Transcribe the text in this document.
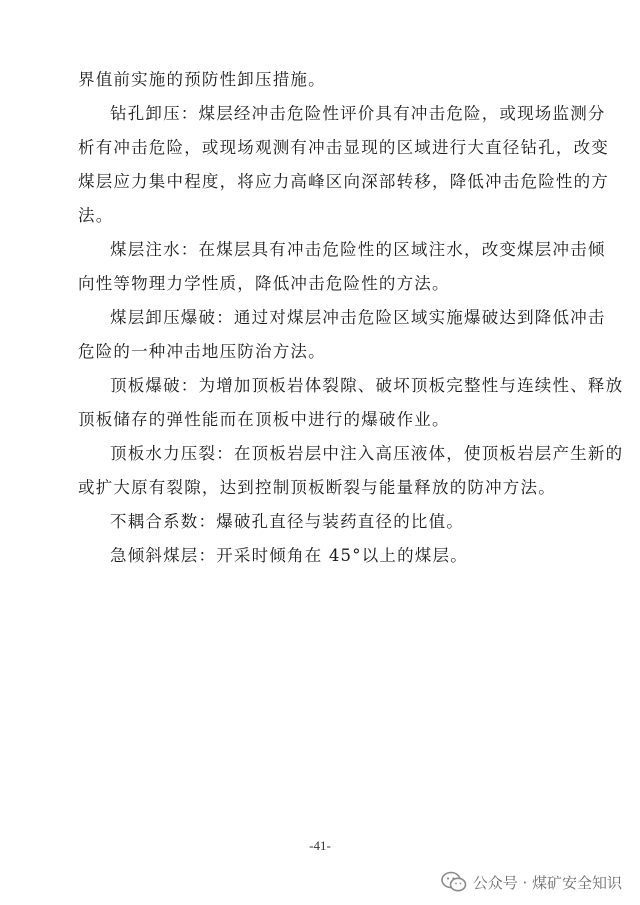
界值前实施的预防性卸压措施。
钻孔卸压：煤层经冲击危险性评价具有冲击危险，或现场监测分
析有冲击危险，或现场观测有冲击显现的区域进行大直径钻孔，改变
煤层应力集中程度，将应力高峰区向深部转移，降低冲击危险性的方
法。
煤层注水：在煤层具有冲击危险性的区域注水，改变煤层冲击倾
向性等物理力学性质，降低冲击危险性的方法。
煤层卸压爆破：通过对煤层冲击危险区域实施爆破达到降低冲击
危险的一种冲击地压防治方法。
顶板爆破：为增加顶板岩体裂隙、破坏顶板完整性与连续性、释放
顶板储存的弹性能而在顶板中进行的爆破作业。
顶板水力压裂：在顶板岩层中注入高压液体，使顶板岩层产生新的
或扩大原有裂隙，达到控制顶板断裂与能量释放的防冲方法。
不耦合系数：爆破孔直径与装药直径的比值。
急倾斜煤层：开采时倾角在 45°以上的煤层。
-41-
公众号 · 煤矿安全知识
